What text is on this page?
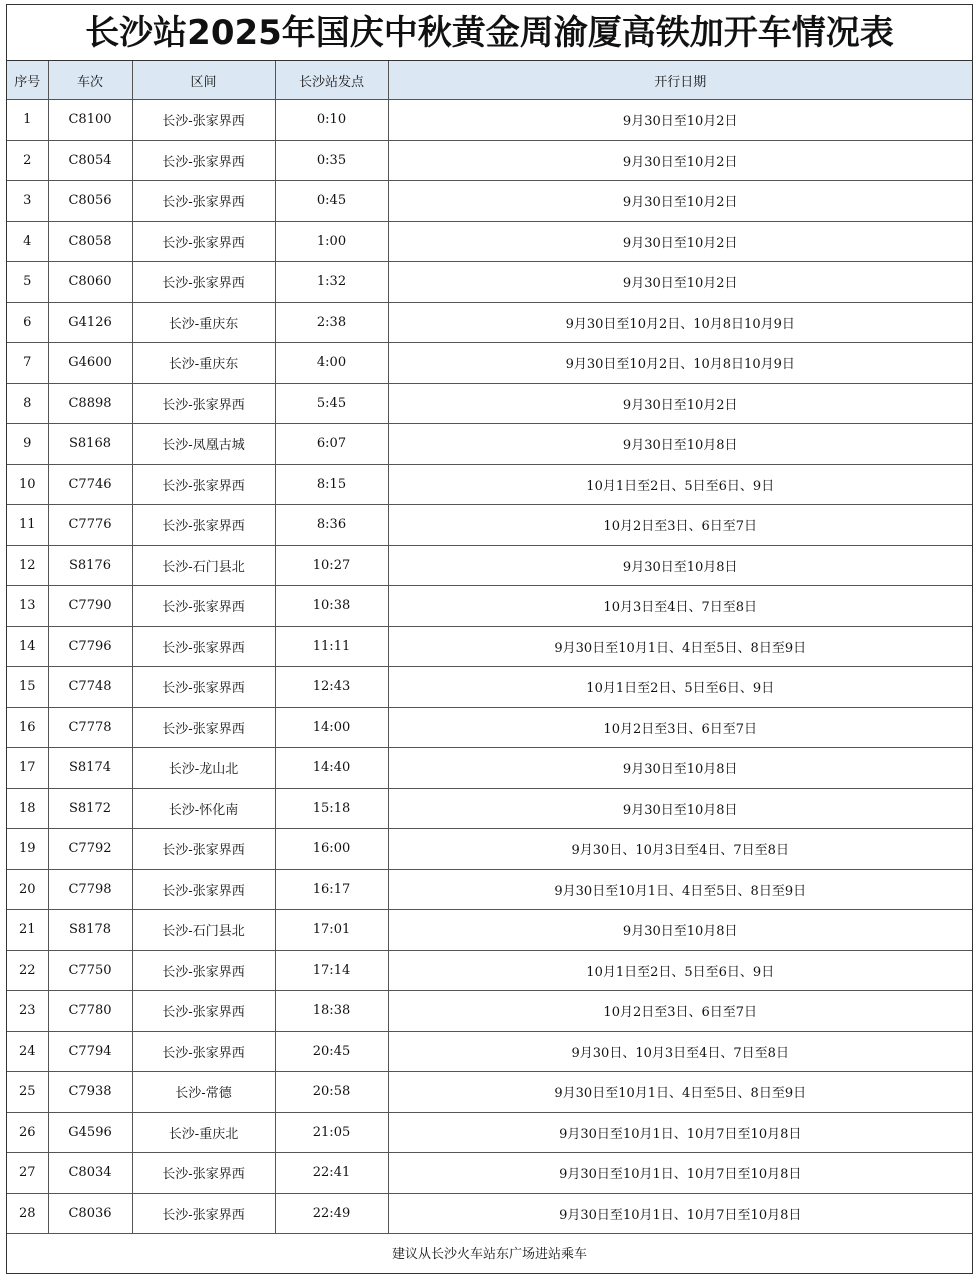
长沙站2025年国庆中秋黄金周渝厦高铁加开车情况表
序号	车次	区间	长沙站发点	开行日期
1	C8100	长沙-张家界西	0:10	9月30日至10月2日
2	C8054	长沙-张家界西	0:35	9月30日至10月2日
3	C8056	长沙-张家界西	0:45	9月30日至10月2日
4	C8058	长沙-张家界西	1:00	9月30日至10月2日
5	C8060	长沙-张家界西	1:32	9月30日至10月2日
6	G4126	长沙-重庆东	2:38	9月30日至10月2日、10月8日10月9日
7	G4600	长沙-重庆东	4:00	9月30日至10月2日、10月8日10月9日
8	C8898	长沙-张家界西	5:45	9月30日至10月2日
9	S8168	长沙-凤凰古城	6:07	9月30日至10月8日
10	C7746	长沙-张家界西	8:15	10月1日至2日、5日至6日、9日
11	C7776	长沙-张家界西	8:36	10月2日至3日、6日至7日
12	S8176	长沙-石门县北	10:27	9月30日至10月8日
13	C7790	长沙-张家界西	10:38	10月3日至4日、7日至8日
14	C7796	长沙-张家界西	11:11	9月30日至10月1日、4日至5日、8日至9日
15	C7748	长沙-张家界西	12:43	10月1日至2日、5日至6日、9日
16	C7778	长沙-张家界西	14:00	10月2日至3日、6日至7日
17	S8174	长沙-龙山北	14:40	9月30日至10月8日
18	S8172	长沙-怀化南	15:18	9月30日至10月8日
19	C7792	长沙-张家界西	16:00	9月30日、10月3日至4日、7日至8日
20	C7798	长沙-张家界西	16:17	9月30日至10月1日、4日至5日、8日至9日
21	S8178	长沙-石门县北	17:01	9月30日至10月8日
22	C7750	长沙-张家界西	17:14	10月1日至2日、5日至6日、9日
23	C7780	长沙-张家界西	18:38	10月2日至3日、6日至7日
24	C7794	长沙-张家界西	20:45	9月30日、10月3日至4日、7日至8日
25	C7938	长沙-常德	20:58	9月30日至10月1日、4日至5日、8日至9日
26	G4596	长沙-重庆北	21:05	9月30日至10月1日、10月7日至10月8日
27	C8034	长沙-张家界西	22:41	9月30日至10月1日、10月7日至10月8日
28	C8036	长沙-张家界西	22:49	9月30日至10月1日、10月7日至10月8日
建议从长沙火车站东广场进站乘车				
